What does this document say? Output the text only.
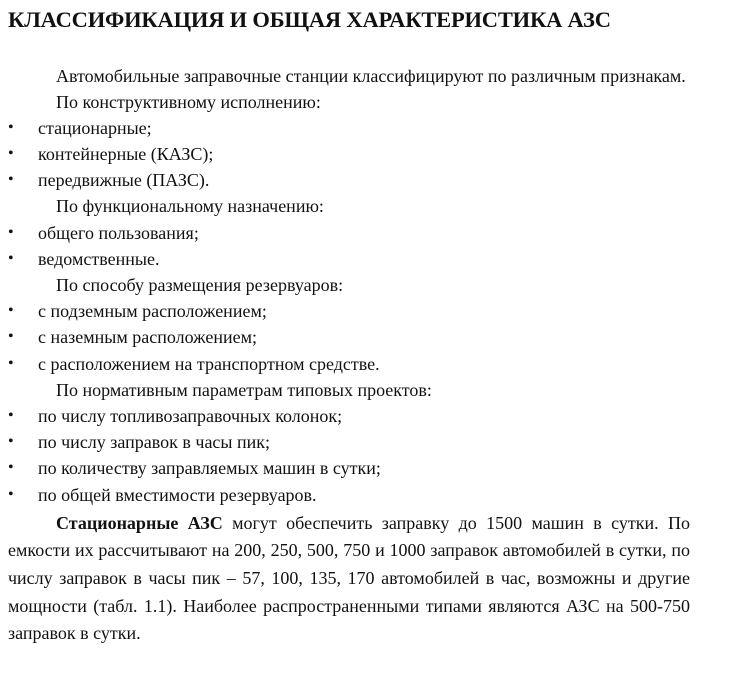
КЛАССИФИКАЦИЯ И ОБЩАЯ ХАРАКТЕРИСТИКА АЗС

Автомобильные заправочные станции классифицируют по различным признакам.

По конструктивному исполнению:

• стационарные;
• контейнерные (КАЗС);
• передвижные (ПАЗС).

По функциональному назначению:

• общего пользования;
• ведомственные.

По способу размещения резервуаров:

• с подземным расположением;
• с наземным расположением;
• с расположением на транспортном средстве.

По нормативным параметрам типовых проектов:

• по числу топливозаправочных колонок;
• по числу заправок в часы пик;
• по количеству заправляемых машин в сутки;
• по общей вместимости резервуаров.

Стационарные АЗС могут обеспечить заправку до 1500 машин в сутки. По емкости их рассчитывают на 200, 250, 500, 750 и 1000 заправок автомобилей в сутки, по числу заправок в часы пик – 57, 100, 135, 170 автомобилей в час, возможны и другие мощности (табл. 1.1). Наиболее распространенными типами являются АЗС на 500-750 заправок в сутки.
